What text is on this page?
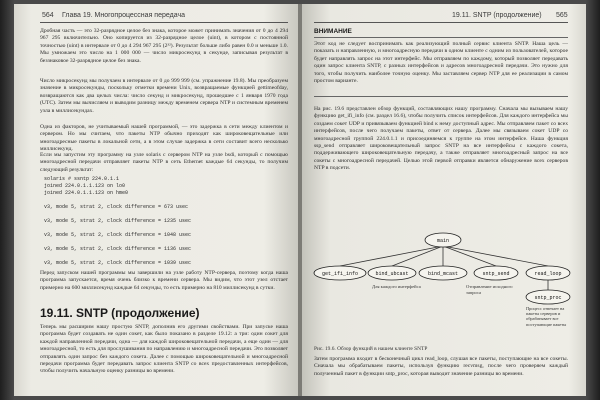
564 Глава 19. Многопроцессная передача

Дробная часть — это 32-разрядное целое без знака, которое может принимать значения от 0 до 4 294 967 295 включительно. Оно копируется из 32-разрядное целое (uint), в котором с постоянной точностью (uint) в интервале от 0 до 4 294 967 295 (2³²). Результат больше либо равен 0.0 и меньше 1.0. Мы умножаем это число на 1 000 000 — число микросекунд в секунде, записывая результат в беззнаковое 32-разрядное целое без знака.

Число микросекунд мы получаем в интервале от 0 до 999 999 (см. упражнение 19.8). Мы преобразуем значение в микросекунды, поскольку отметки времени Unix, возвращаемые функцией gettimeofday, возвращаются как два целых числа: число секунд и микросекунд, прошедшее с 1 января 1970 года (UTC). Затем мы вычисляем и выводим разницу между временем сервера NTP и системным временем узла в миллисекундах.

Одна из факторов, не учитываемый нашей программой, — это задержка в сети между клиентом и сервером. Но мы считаем, что пакеты NTP обычно приходят как широковещательные или многоадресные пакеты в локальной сети, а в этом случае задержка в сети составит всего несколько миллисекунд.

Если мы запустим эту программу на узле solaris с сервером NTP на узле bsdi, который с помощью многоадресной передачи отправляет пакеты NTP в сеть Ethernet каждые 64 секунды, то получим следующий результат:

solaris # ssntp 224.0.1.1
joined 224.0.1.1.123 on lo0
joined 224.0.1.1.123 on hme0

v3, mode 5, strat 2, clock difference = 673 usec

v3, mode 5, strat 2, clock difference = 1235 usec

v3, mode 5, strat 2, clock difference = 1048 usec

v3, mode 5, strat 2, clock difference = 1136 usec

v3, mode 5, strat 2, clock difference = 1039 usec

Перед запуском нашей программы мы завершили на узле работу NTP-сервера, поэтому когда наша программа запускается, время очень близко к времени сервера. Мы видим, что этот узел отстает примерно на 600 миллисекунд каждые 64 секунды, то есть примерно на 810 миллисекунд в сутки.

19.11. SNTP (продолжение)

Теперь мы расширим нашу простую SNTP, дополнив его другими свойствами. При запуске наша программа будет создавать не один сокет, как было показано в разделе 19.12: а три: один сокет для каждой направленной передачи, одна — для каждой широковещательной передачи, а еще один — для многоадресной, то есть для прослушивания по направлению и многоадресной передачи. Это позволяет отправлять один запрос без каждого сокета. Далее с помощью широковещательной и многоадресной передачи программа будет передавать запрос клиента SNTP со всех предоставленных интерфейсов, чтобы получить начальную оценку разницы во времени.

19.11. SNTP (продолжение) 565

ВНИМАНИЕ

Этот код не следует воспринимать как реализующий полный сервис клиента SNTP. Наша цель — показать и направленную, и многоадресную передачи в одном клиенте с одним из пользователей, которое будет направлять запрос на этот интерфейс. Мы отправляем по каждому, который позволяет передавать один запрос клиента SNTP, с разных интерфейсов и адресов многоадресной передачи. Это нужно для того, чтобы получить наиболее точную оценку. Мы заставляем сервер NTP для ее реализации в самом простом варианте.

На рис. 19.6 представлен обзор функций, составляющих нашу программу. Сначала мы вызываем нашу функцию get_ifi_info (см. раздел 16.6), чтобы получить список интерфейсов. Для каждого интерфейса мы создаем сокет UDP и привязываем функцией bind к нему доступный адрес. Мы отправляем пакет со всех интерфейсов, после чего получаем пакеты, ответ от сервера. Далее мы связываем сокет UDP со многоадресной группой 224.0.1.1 и присоединяемся к группе на этом интерфейсе. Наша функция ssp_send отправляет широковещательный запрос SNTP на все интерфейсы с каждого сокета, поддерживающего широковещательную передачу, а также отправляет многоадресный запрос на все сокеты с многоадресной передачей. Целью этой первой отправки является обнаружение всех серверов NTP в подсети.

main
get_ifi_info	bind_ubcast	bind_mcast	sntp_send	read_loop
sntp_proc
Для каждого интерфейса	Отправление исходного запроса
Процесс отвечает на пакеты серверов и обрабатывает все поступающие пакеты

Рис. 19.6. Обзор функций в нашем клиенте SNTP

Затем программа входит в бесконечный цикл read_loop, слушая все пакеты, поступающие на все сокеты. Сначала мы обрабатываем пакеты, используя функцию recvmsg, после чего проверяем каждый полученный пакет в функции sntp_proc, которая выводит значение разницы во времени.
